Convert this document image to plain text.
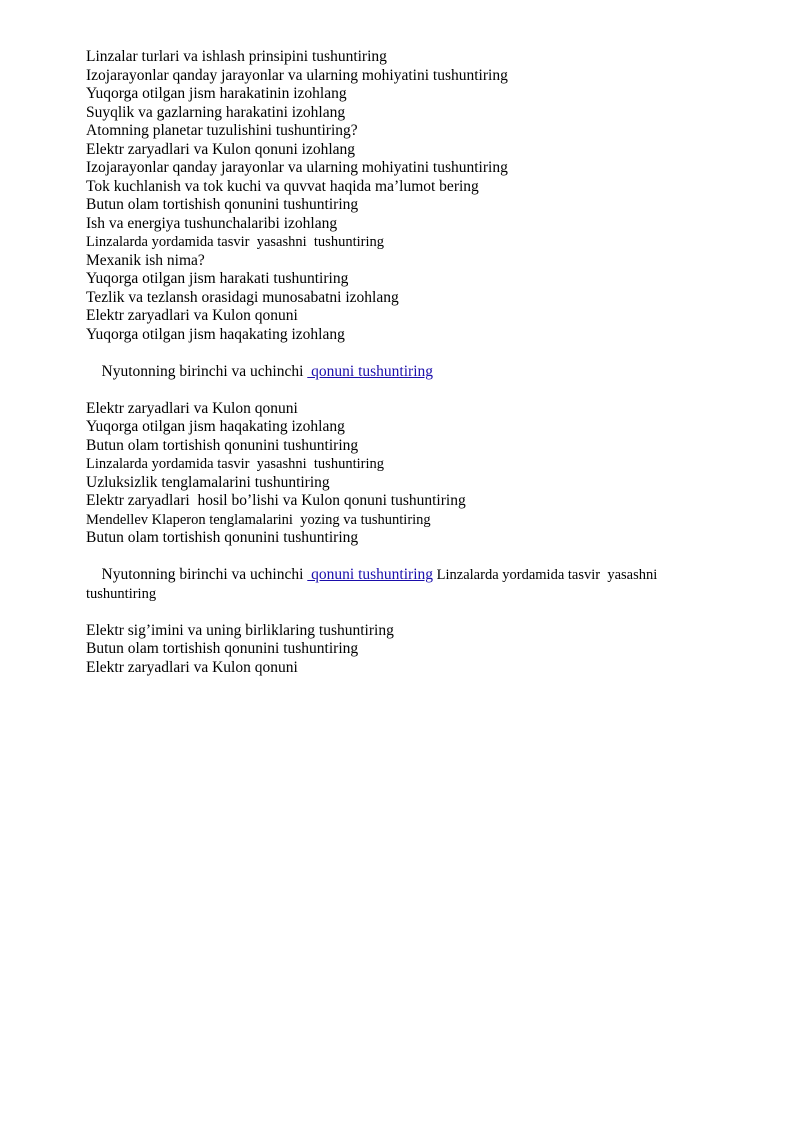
Linzalar turlari va ishlash prinsipini tushuntiring

Izojarayonlar qanday jarayonlar va ularning mohiyatini tushuntiring

Yuqorga otilgan jism harakatinin izohlang

Suyqlik va gazlarning harakatini izohlang

Atomning planetar tuzulishini tushuntiring?

Elektr zaryadlari va Kulon qonuni izohlang

Izojarayonlar qanday jarayonlar va ularning mohiyatini tushuntiring

Tok kuchlanish va tok kuchi va quvvat haqida ma’lumot bering

Butun olam tortishish qonunini tushuntiring

Ish va energiya tushunchalaribi izohlang

Linzalarda yordamida tasvir  yasashni  tushuntiring

Mexanik ish nima?

Yuqorga otilgan jism harakati tushuntiring

Tezlik va tezlansh orasidagi munosabatni izohlang

Elektr zaryadlari va Kulon qonuni

Yuqorga otilgan jism haqakating izohlang

Nyutonning birinchi va uchinchi  qonuni tushuntiring

Elektr zaryadlari va Kulon qonuni

Yuqorga otilgan jism haqakating izohlang

Butun olam tortishish qonunini tushuntiring

Linzalarda yordamida tasvir  yasashni  tushuntiring

Uzluksizlik tenglamalarini tushuntiring

Elektr zaryadlari  hosil bo’lishi va Kulon qonuni tushuntiring

Mendellev Klaperon tenglamalarini  yozing va tushuntiring

Butun olam tortishish qonunini tushuntiring

Nyutonning birinchi va uchinchi  qonuni tushuntiring Linzalarda yordamida tasvir  yasashni  tushuntiring

Elektr sig’imini va uning birliklaring tushuntiring

Butun olam tortishish qonunini tushuntiring

Elektr zaryadlari va Kulon qonuni
